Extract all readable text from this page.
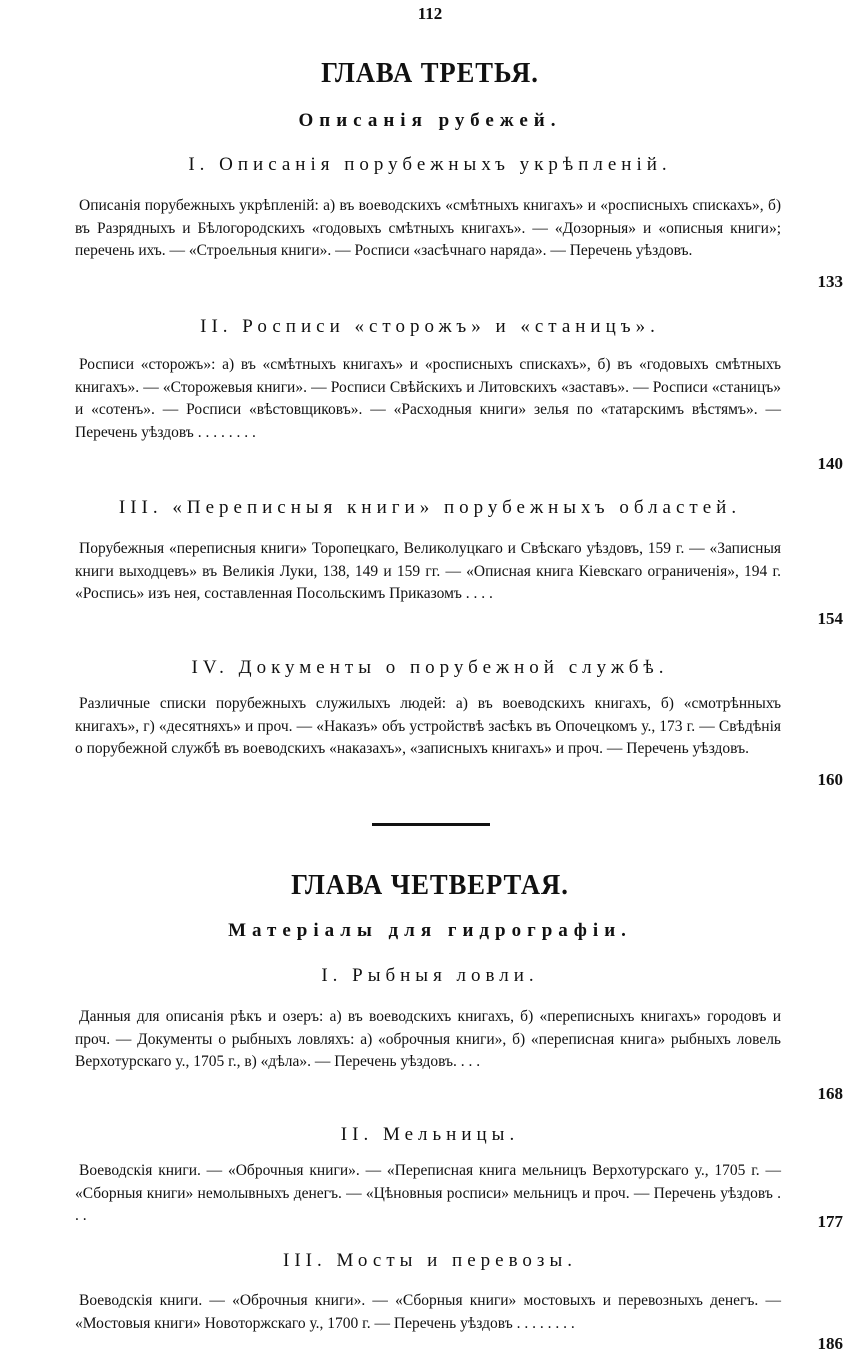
112
ГЛАВА ТРЕТЬЯ.
Описанія рубежей.
I. Описанія порубежныхъ укрѣпленій.
Описанія порубежныхъ укрѣпленій: а) въ воеводскихъ «смѣтныхъ книгахъ» и «росписныхъ спискахъ», б) въ Разрядныхъ и Бѣлогородскихъ «годовыхъ смѣтныхъ книгахъ». — «Дозорныя» и «описныя книги»; перечень ихъ. — «Строельныя книги». — Росписи «засѣчнаго наряда». — Перечень уѣздовъ.
133
II. Росписи «сторожъ» и «станицъ».
Росписи «сторожъ»: а) въ «смѣтныхъ книгахъ» и «росписныхъ спискахъ», б) въ «годовыхъ смѣтныхъ книгахъ». — «Сторожевыя книги». — Росписи Свѣйскихъ и Литовскихъ «заставъ». — Росписи «станицъ» и «сотенъ». — Росписи «вѣстовщиковъ». — «Расходныя книги» зелья по «татарскимъ вѣстямъ». — Перечень уѣздовъ . . . . . . . .
140
III. «Переписныя книги» порубежныхъ областей.
Порубежныя «переписныя книги» Торопецкаго, Великолуцкаго и Свѣскаго уѣздовъ, 159 г. — «Записныя книги выходцевъ» въ Великія Луки, 138, 149 и 159 гг. — «Описная книга Кіевскаго ограниченія», 194 г. «Роспись» изъ нея, составленная Посольскимъ Приказомъ . . . .
154
IV. Документы о порубежной службѣ.
Различные списки порубежныхъ служилыхъ людей: а) въ воеводскихъ книгахъ, б) «смотрѣнныхъ книгахъ», г) «десятняхъ» и проч. — «Наказъ» объ устройствѣ засѣкъ въ Опочецкомъ у., 173 г. — Свѣдѣнія о порубежной службѣ въ воеводскихъ «наказахъ», «записныхъ книгахъ» и проч. — Перечень уѣздовъ.
160
ГЛАВА ЧЕТВЕРТАЯ.
Матеріалы для гидрографіи.
I. Рыбныя ловли.
Данныя для описанія рѣкъ и озеръ: а) въ воеводскихъ книгахъ, б) «переписныхъ книгахъ» городовъ и проч. — Документы о рыбныхъ ловляхъ: а) «оброчныя книги», б) «переписная книга» рыбныхъ ловель Верхотурскаго у., 1705 г., в) «дѣла». — Перечень уѣздовъ. . . .
168
II. Мельницы.
Воеводскія книги. — «Оброчныя книги». — «Переписная книга мельницъ Верхотурскаго у., 1705 г. — «Сборныя книги» немолывныхъ денегъ. — «Цѣновныя росписи» мельницъ и проч. — Перечень уѣздовъ . . .	177
III. Мосты и перевозы.
Воеводскія книги. — «Оброчныя книги». — «Сборныя книги» мостовыхъ и перевозныхъ денегъ. — «Мостовыя книги» Новоторжскаго у., 1700 г. — Перечень уѣздовъ . . . . . . . .
186
